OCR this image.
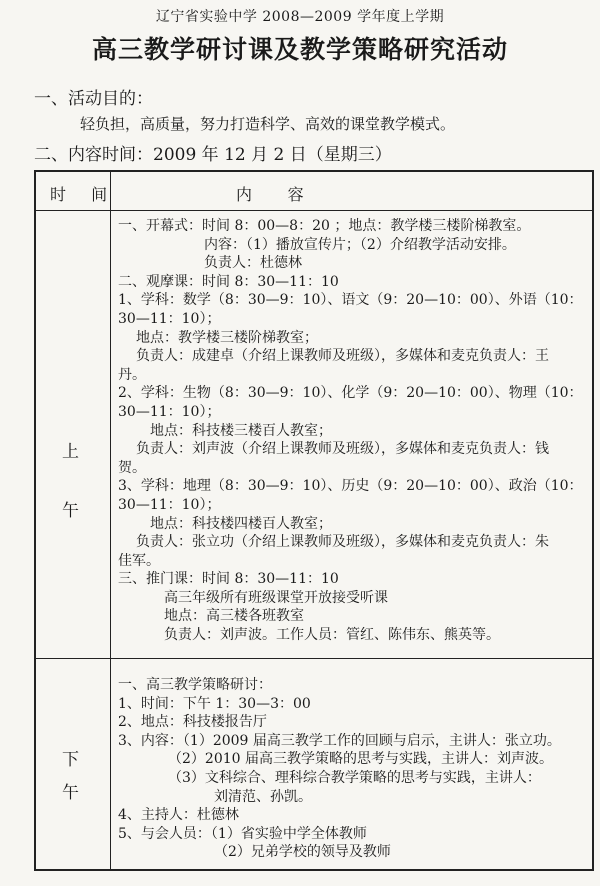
辽宁省实验中学 2008—2009 学年度上学期
高三教学研讨课及教学策略研究活动
一、活动目的：
轻负担，高质量，努力打造科学、高效的课堂教学模式。
二、内容时间：2009 年 12 月 2 日（星期三）
时 间	内       容
上
午
下
午
一、开幕式：时间 8：00—8：20 ；地点：教学楼三楼阶梯教室。
内容：（1）播放宣传片；（2）介绍教学活动安排。
负责人：杜德林
二、观摩课：时间 8：30—11：10
1、学科：数学（8：30—9：10）、语文（9：20—10：00）、外语（10：
30—11：10）；
地点：教学楼三楼阶梯教室；
负责人：成建卓（介绍上课教师及班级），多媒体和麦克负责人：王
丹。
2、学科：生物（8：30—9：10）、化学（9：20—10：00）、物理（10：
30—11：10）；
地点：科技楼三楼百人教室；
负责人：刘声波（介绍上课教师及班级），多媒体和麦克负责人：钱
贺。
3、学科：地理（8：30—9：10）、历史（9：20—10：00）、政治（10：
30—11：10）；
地点：科技楼四楼百人教室；
负责人：张立功（介绍上课教师及班级），多媒体和麦克负责人：朱
佳军。
三、推门课：时间 8：30—11：10
高三年级所有班级课堂开放接受听课
地点：高三楼各班教室
负责人：刘声波。工作人员：管红、陈伟东、熊英等。
一、高三教学策略研讨：
1、时间：下午 1：30—3：00
2、地点：科技楼报告厅
3、内容：（1）2009 届高三教学工作的回顾与启示，主讲人：张立功。
（2）2010 届高三教学策略的思考与实践，主讲人：刘声波。
（3）文科综合、理科综合教学策略的思考与实践，主讲人：
刘清范、孙凯。
4、主持人：杜德林
5、与会人员：（1）省实验中学全体教师
（2）兄弟学校的领导及教师
